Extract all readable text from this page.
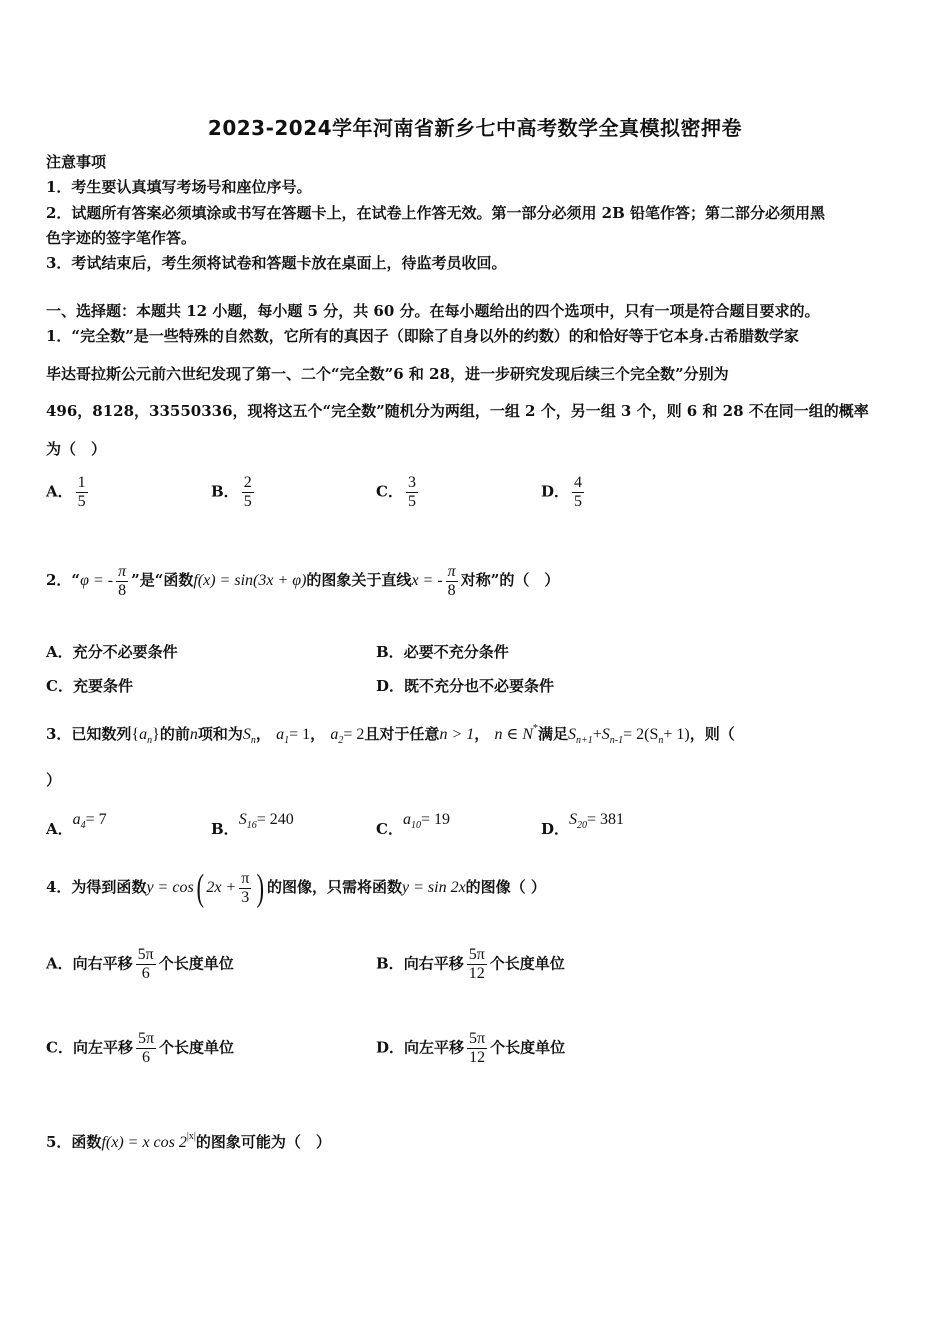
2023-2024学年河南省新乡七中高考数学全真模拟密押卷
注意事项
1．考生要认真填写考场号和座位序号。
2．试题所有答案必须填涂或书写在答题卡上，在试卷上作答无效。第一部分必须用 2B 铅笔作答；第二部分必须用黑
色字迹的签字笔作答。
3．考试结束后，考生须将试卷和答题卡放在桌面上，待监考员收回。
一、选择题：本题共 12 小题，每小题 5 分，共 60 分。在每小题给出的四个选项中，只有一项是符合题目要求的。
1．“完全数”是一些特殊的自然数，它所有的真因子（即除了自身以外的约数）的和恰好等于它本身.古希腊数学家
毕达哥拉斯公元前六世纪发现了第一、二个“完全数”6 和 28，进一步研究发现后续三个完全数”分别为
496，8128，33550336，现将这五个“完全数”随机分为两组，一组 2 个，另一组 3 个，则 6 和 28 不在同一组的概率
为（　）
A． $\frac{1}{5}$	B． $\frac{2}{5}$	C． $\frac{3}{5}$	D． $\frac{4}{5}$
2．“φ = - $\frac{\pi}{8}$ ”是“函数f(x) = sin(3x + φ)的图象关于直线x = - $\frac{\pi}{8}$ 对称”的（　）
A．充分不必要条件	B．必要不充分条件
C．充要条件	D．既不充分也不必要条件
3．已知数列$\{a_n\}$的前n项和为$S_n$， $a_1= 1$， $a_2= 2$且对于任意n > 1， n ∈ N*满足$S_{n+1}+S_{n-1}= 2(S_n+ 1)$，则（
）
A．$a_4= 7$
B．$S_{16}= 240$
C．$a_{10}= 19$
D．$S_{20}= 381$
4．为得到函数y = cos( $2x + \frac{\pi}{3}$ ) 的图像，只需将函数y = sin 2x的图像（ ）
A．向右平移 $\frac{5\pi}{6}$ 个长度单位	B．向右平移 $\frac{5\pi}{12}$ 个长度单位
C．向左平移 $\frac{5\pi}{6}$ 个长度单位	D．向左平移 $\frac{5\pi}{12}$ 个长度单位
5．函数f(x) = x $\cos 2^{|x|}$的图象可能为（　）
